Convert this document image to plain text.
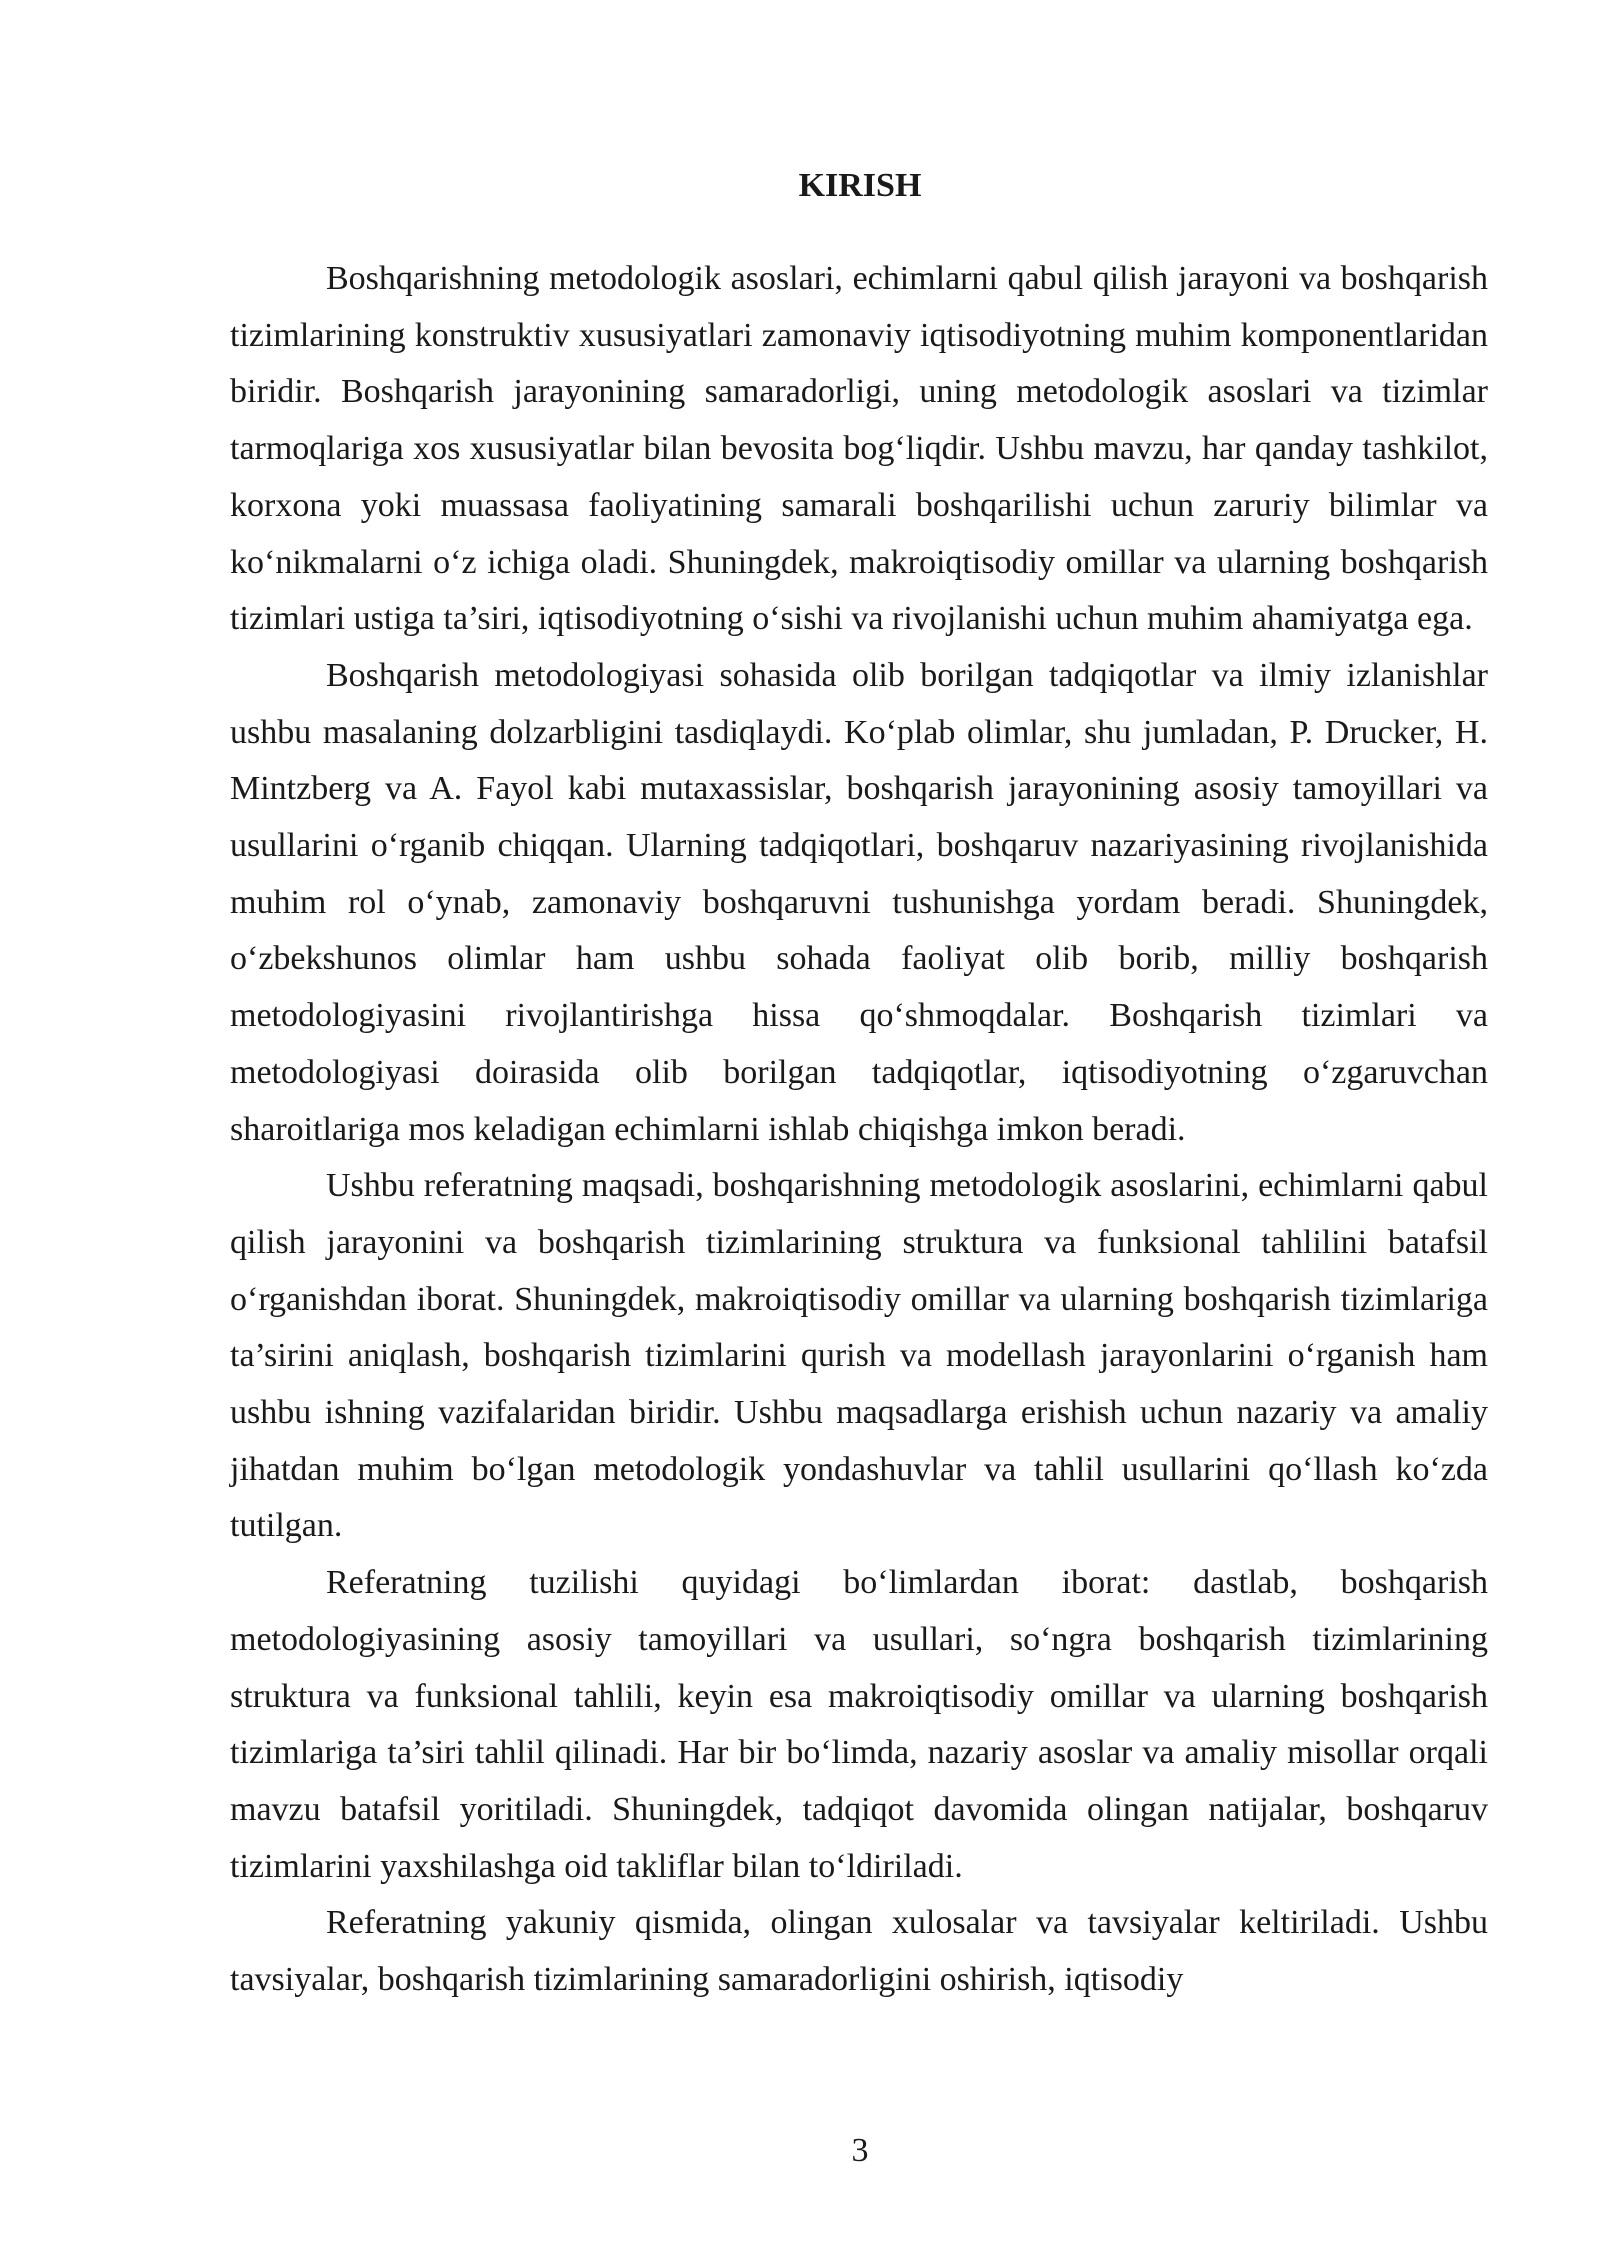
KIRISH

Boshqarishning metodologik asoslari, echimlarni qabul qilish jarayoni va boshqarish tizimlarining konstruktiv xususiyatlari zamonaviy iqtisodiyotning muhim komponentlaridan biridir. Boshqarish jarayonining samaradorligi, uning metodologik asoslari va tizimlar tarmoqlariga xos xususiyatlar bilan bevosita bog‘liqdir. Ushbu mavzu, har qanday tashkilot, korxona yoki muassasa faoliyatining samarali boshqarilishi uchun zaruriy bilimlar va ko‘nikmalarni o‘z ichiga oladi. Shuningdek, makroiqtisodiy omillar va ularning boshqarish tizimlari ustiga ta’siri, iqtisodiyotning o‘sishi va rivojlanishi uchun muhim ahamiyatga ega.

Boshqarish metodologiyasi sohasida olib borilgan tadqiqotlar va ilmiy izlanishlar ushbu masalaning dolzarbligini tasdiqlaydi. Ko‘plab olimlar, shu jumladan, P. Drucker, H. Mintzberg va A. Fayol kabi mutaxassislar, boshqarish jarayonining asosiy tamoyillari va usullarini o‘rganib chiqqan. Ularning tadqiqotlari, boshqaruv nazariyasining rivojlanishida muhim rol o‘ynab, zamonaviy boshqaruvni tushunishga yordam beradi. Shuningdek, o‘zbekshunos olimlar ham ushbu sohada faoliyat olib borib, milliy boshqarish metodologiyasini rivojlantirishga hissa qo‘shmoqdalar. Boshqarish tizimlari va metodologiyasi doirasida olib borilgan tadqiqotlar, iqtisodiyotning o‘zgaruvchan sharoitlariga mos keladigan echimlarni ishlab chiqishga imkon beradi.

Ushbu referatning maqsadi, boshqarishning metodologik asoslarini, echimlarni qabul qilish jarayonini va boshqarish tizimlarining struktura va funksional tahlilini batafsil o‘rganishdan iborat. Shuningdek, makroiqtisodiy omillar va ularning boshqarish tizimlariga ta’sirini aniqlash, boshqarish tizimlarini qurish va modellash jarayonlarini o‘rganish ham ushbu ishning vazifalaridan biridir. Ushbu maqsadlarga erishish uchun nazariy va amaliy jihatdan muhim bo‘lgan metodologik yondashuvlar va tahlil usullarini qo‘llash ko‘zda tutilgan.

Referatning tuzilishi quyidagi bo‘limlardan iborat: dastlab, boshqarish metodologiyasining asosiy tamoyillari va usullari, so‘ngra boshqarish tizimlarining struktura va funksional tahlili, keyin esa makroiqtisodiy omillar va ularning boshqarish tizimlariga ta’siri tahlil qilinadi. Har bir bo‘limda, nazariy asoslar va amaliy misollar orqali mavzu batafsil yoritiladi. Shuningdek, tadqiqot davomida olingan natijalar, boshqaruv tizimlarini yaxshilashga oid takliflar bilan to‘ldiriladi.

Referatning yakuniy qismida, olingan xulosalar va tavsiyalar keltiriladi. Ushbu tavsiyalar, boshqarish tizimlarining samaradorligini oshirish, iqtisodiy

3
